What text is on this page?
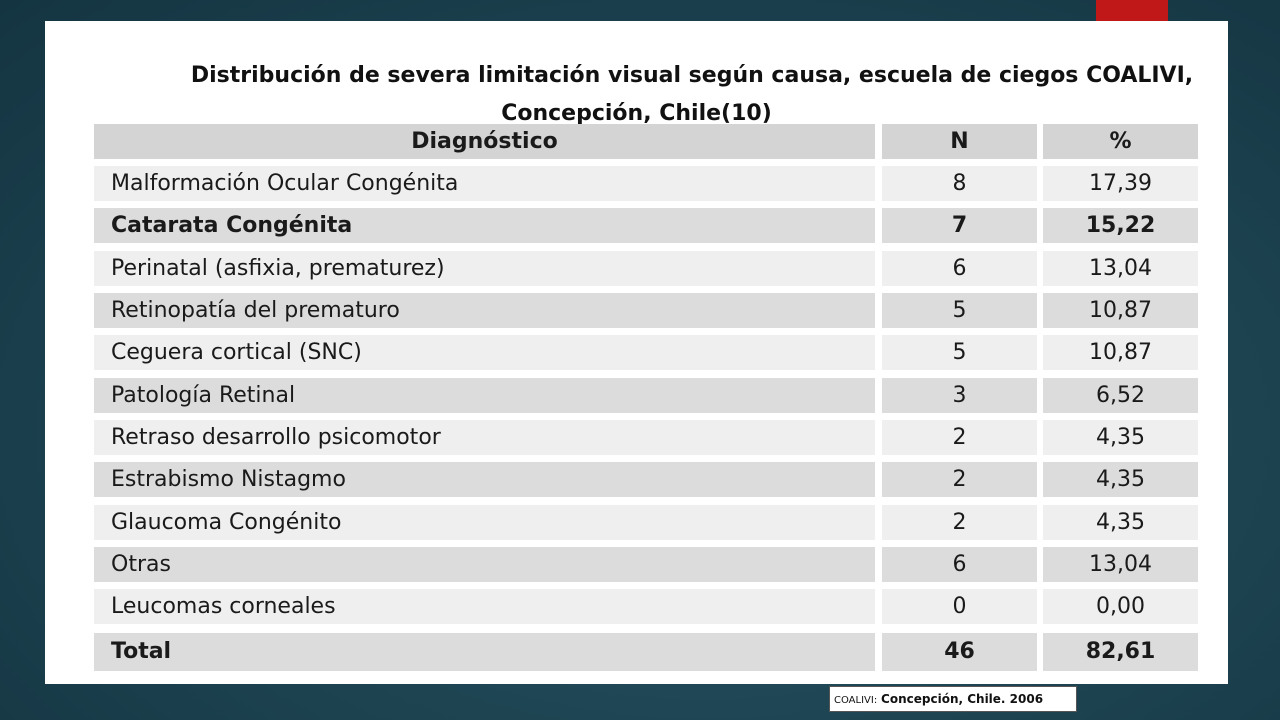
Distribución de severa limitación visual según causa, escuela de ciegos COALIVI,

Concepción, Chile(10)

Diagnóstico	N	%
Malformación Ocular Congénita	8	17,39
Catarata Congénita	7	15,22
Perinatal (asfixia, prematurez)	6	13,04
Retinopatía del prematuro	5	10,87
Ceguera cortical (SNC)	5	10,87
Patología Retinal	3	6,52
Retraso desarrollo psicomotor	2	4,35
Estrabismo Nistagmo	2	4,35
Glaucoma Congénito	2	4,35
Otras	6	13,04
Leucomas corneales	0	0,00
Total	46	82,61
COALIVI: Concepción, Chile. 2006
